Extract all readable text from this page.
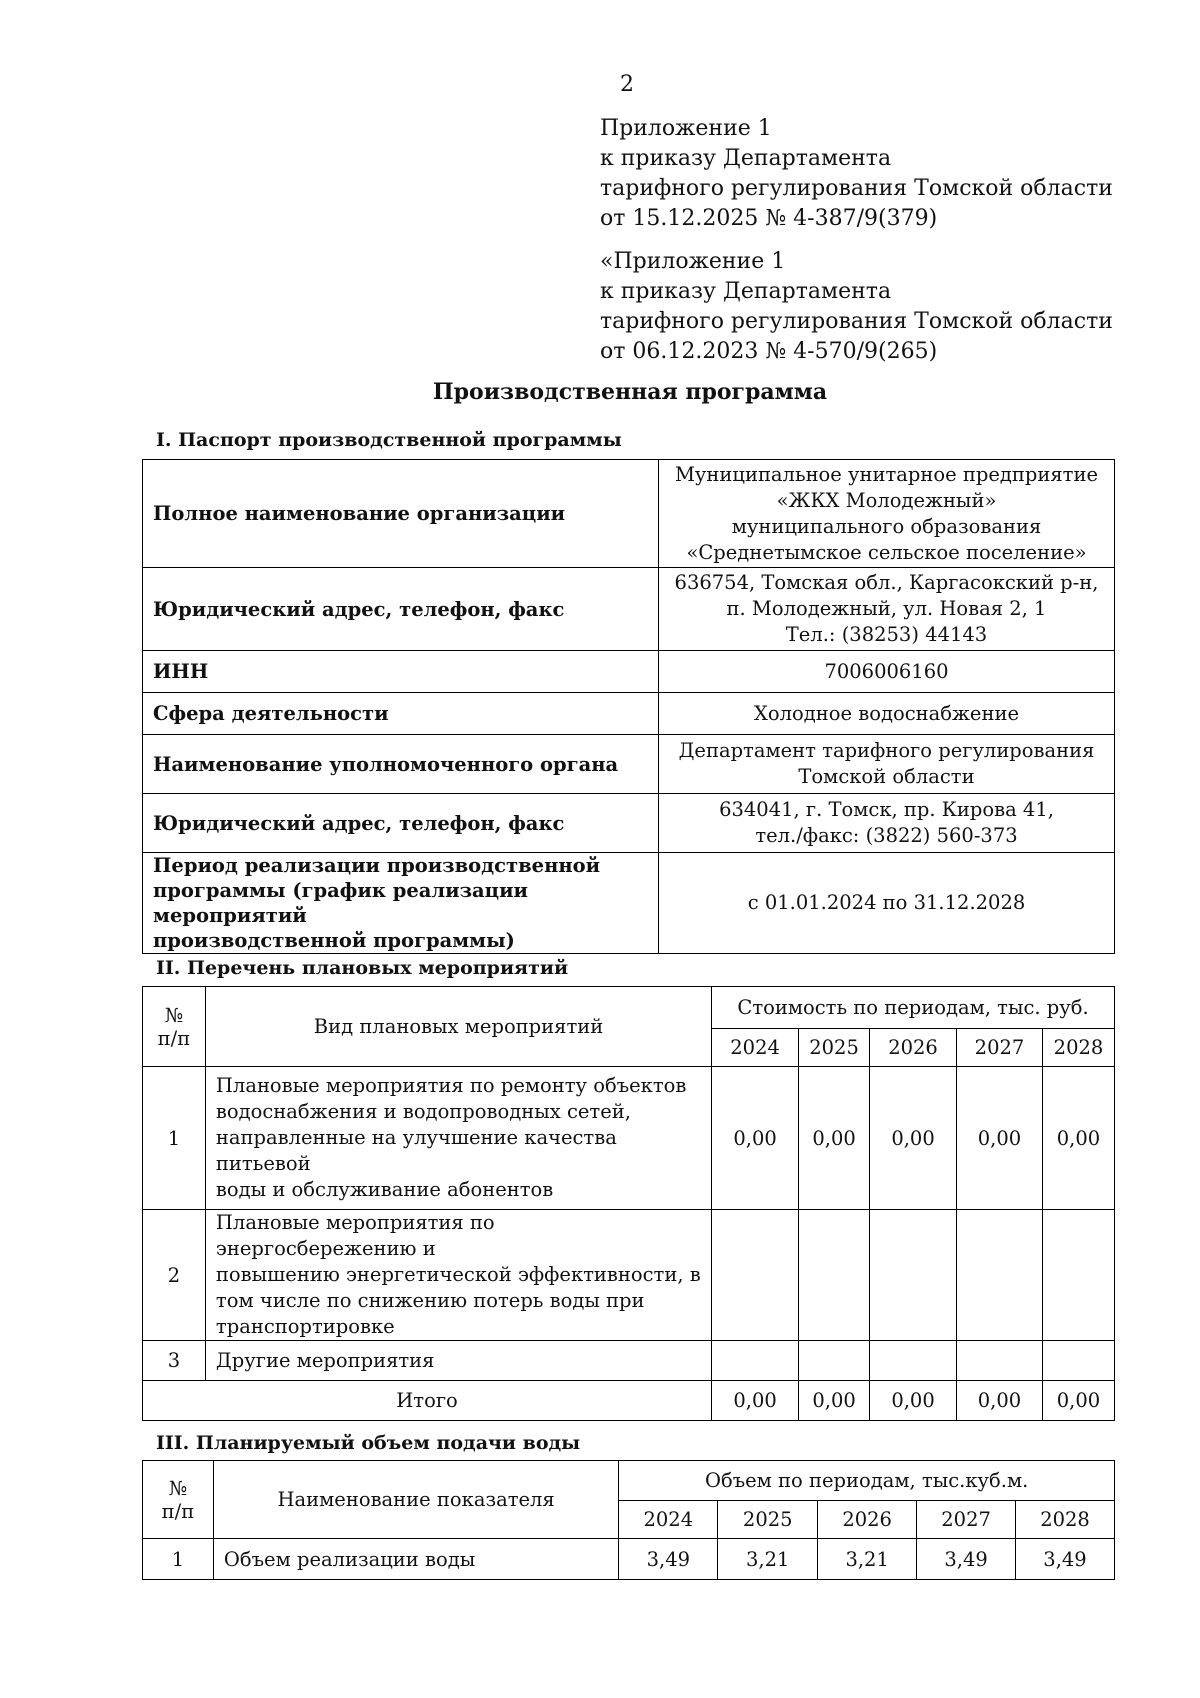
2
Приложение 1
к приказу Департамента
тарифного регулирования Томской области
от 15.12.2025 № 4-387/9(379)
«Приложение 1
к приказу Департамента
тарифного регулирования Томской области
от 06.12.2023 № 4-570/9(265)
Производственная программа
I. Паспорт производственной программы
Полное наименование организации	Муниципальное унитарное предприятие
«ЖКХ Молодежный»
муниципального образования
«Среднетымское сельское поселение»

Юридический адрес, телефон, факс	636754, Томская обл., Каргасокский р-н,
п. Молодежный, ул. Новая 2, 1
Тел.: (38253) 44143

ИНН	7006006160

Сфера деятельности	Холодное водоснабжение

Наименование уполномоченного органа	Департамент тарифного регулирования
Томской области

Юридический адрес, телефон, факс	634041, г. Томск, пр. Кирова 41,
тел./факс: (3822) 560-373

Период реализации производственной
программы (график реализации мероприятий
производственной программы)	с 01.01.2024 по 31.12.2028
II. Перечень плановых мероприятий
№
п/п	Вид плановых мероприятий	Стоимость по периодам, тыс. руб.				
		2024	2025	2026	2027	2028
1	Плановые мероприятия по ремонту объектов
водоснабжения и водопроводных сетей,
направленные на улучшение качества питьевой
воды и обслуживание абонентов	0,00	0,00	0,00	0,00	0,00
2	Плановые мероприятия по энергосбережению и
повышению энергетической эффективности, в
том числе по снижению потерь воды при
транспортировке					

3	Другие мероприятия					

Итого		0,00	0,00	0,00	0,00	0,00
III. Планируемый объем подачи воды
№
п/п	Наименование показателя	Объем по периодам, тыс.куб.м.				
		2024	2025	2026	2027	2028
1	Объем реализации воды	3,49	3,21	3,21	3,49	3,49
